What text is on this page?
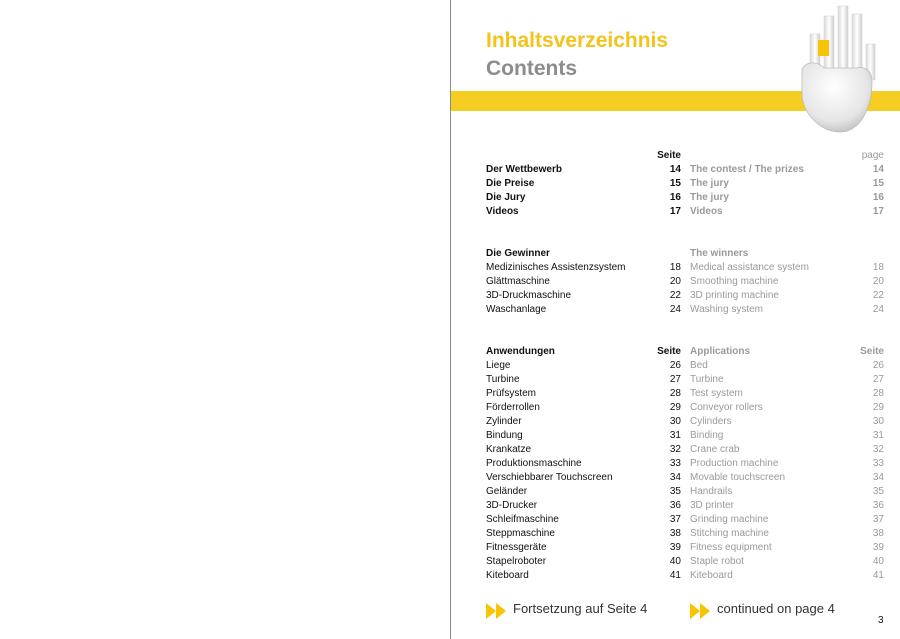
Inhaltsverzeichnis
Contents
Seite	page
Der Wettbewerb	14 The contest / The prizes	14
Die Preise	15 The jury	15
Die Jury	16 The jury	16
Videos	17 Videos	17
Die Gewinner	The winners
Medizinisches Assistenzsystem	18 Medical assistance system	18
Glättmaschine	20 Smoothing machine	20
3D-Druckmaschine	22 3D printing machine	22
Waschanlage	24 Washing system	24
Anwendungen	Seite Applications	Seite
Liege	26 Bed	26
Turbine	27 Turbine	27
Prüfsystem	28 Test system	28
Förderrollen	29 Conveyor rollers	29
Zylinder	30 Cylinders	30
Bindung	31 Binding	31
Krankatze	32 Crane crab	32
Produktionsmaschine	33 Production machine	33
Verschiebbarer Touchscreen	34 Movable touchscreen	34
Geländer	35 Handrails	35
3D-Drucker	36 3D printer	36
Schleifmaschine	37 Grinding machine	37
Steppmaschine	38 Stitching machine	38
Fitnessgeräte	39 Fitness equipment	39
Stapelroboter	40 Staple robot	40
Kiteboard	41 Kiteboard	41
Fortsetzung auf Seite 4	continued on page 4
3
